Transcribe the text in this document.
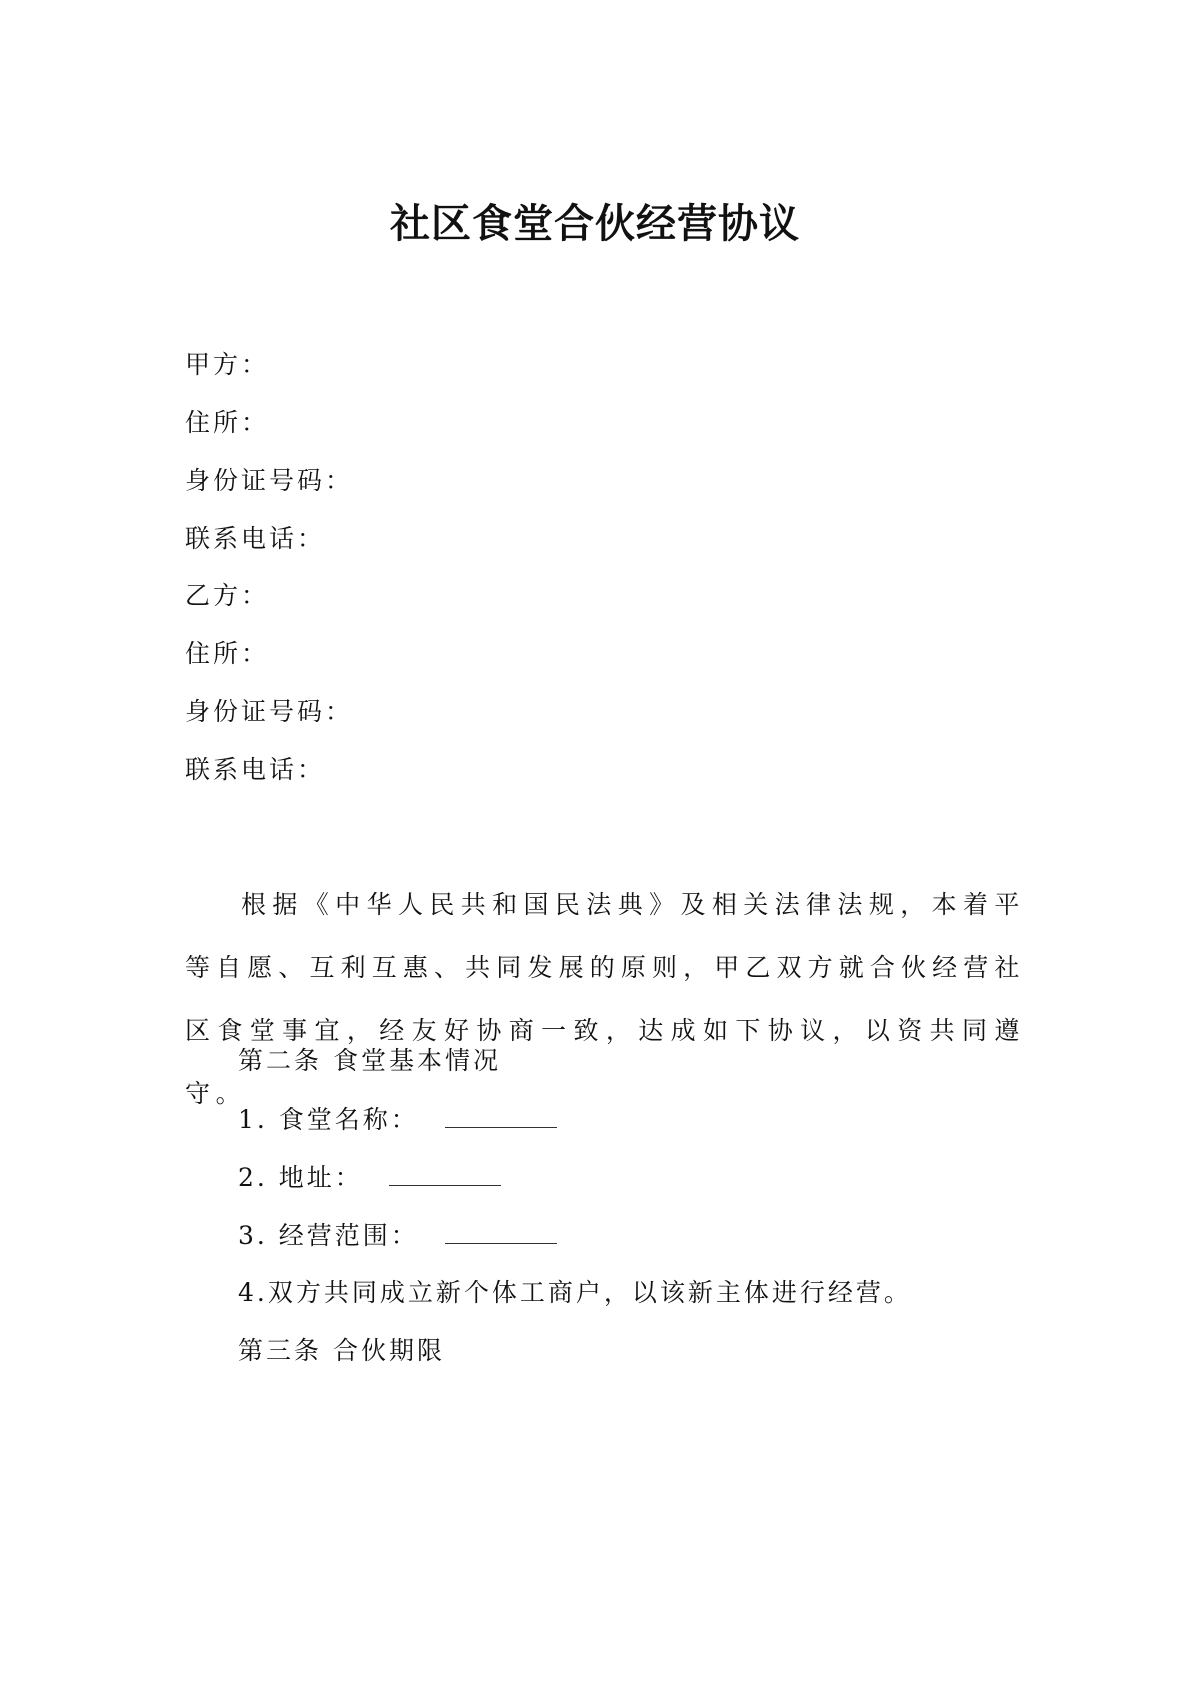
社区食堂合伙经营协议

甲方：

住所：

身份证号码：

联系电话：

乙方：

住所：

身份证号码：

联系电话：

根据《中华人民共和国民法典》及相关法律法规，本着平等自愿、互利互惠、共同发展的原则，甲乙双方就合伙经营社区食堂事宜，经友好协商一致，达成如下协议，以资共同遵守。

第二条 食堂基本情况

1. 食堂名称：

2. 地址：

3. 经营范围：

4.双方共同成立新个体工商户，以该新主体进行经营。

第三条 合伙期限
